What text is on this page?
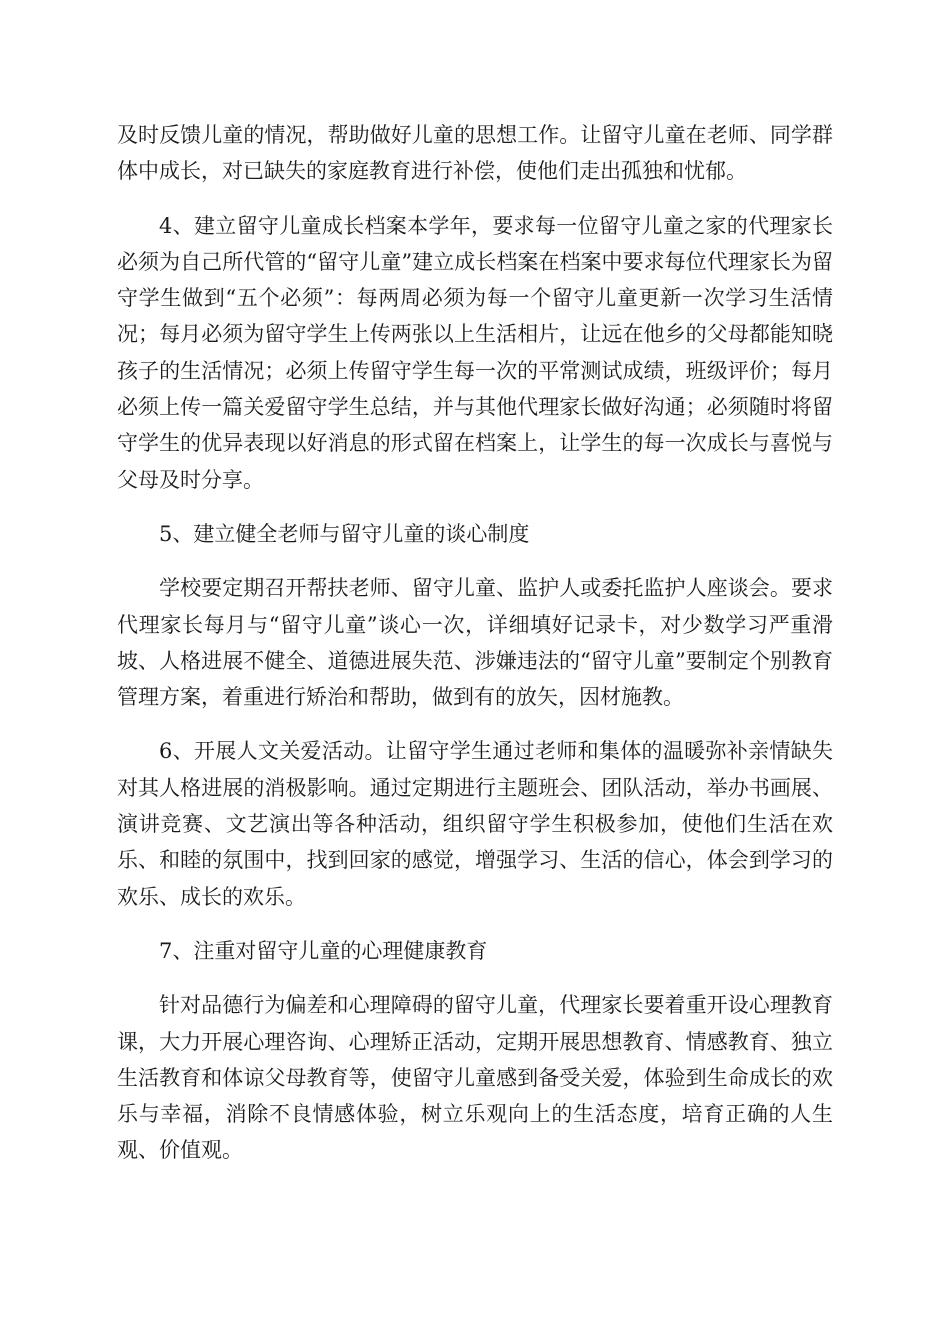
及时反馈儿童的情况，帮助做好儿童的思想工作。让留守儿童在老师、同学群体中成长，对已缺失的家庭教育进行补偿，使他们走出孤独和忧郁。

4、建立留守儿童成长档案本学年，要求每一位留守儿童之家的代理家长必须为自己所代管的“留守儿童”建立成长档案在档案中要求每位代理家长为留守学生做到“五个必须”：每两周必须为每一个留守儿童更新一次学习生活情况；每月必须为留守学生上传两张以上生活相片，让远在他乡的父母都能知晓孩子的生活情况；必须上传留守学生每一次的平常测试成绩，班级评价；每月必须上传一篇关爱留守学生总结，并与其他代理家长做好沟通；必须随时将留守学生的优异表现以好消息的形式留在档案上，让学生的每一次成长与喜悦与父母及时分享。

5、建立健全老师与留守儿童的谈心制度

学校要定期召开帮扶老师、留守儿童、监护人或委托监护人座谈会。要求代理家长每月与“留守儿童”谈心一次，详细填好记录卡，对少数学习严重滑坡、人格进展不健全、道德进展失范、涉嫌违法的“留守儿童”要制定个别教育管理方案，着重进行矫治和帮助，做到有的放矢，因材施教。

6、开展人文关爱活动。让留守学生通过老师和集体的温暖弥补亲情缺失对其人格进展的消极影响。通过定期进行主题班会、团队活动，举办书画展、演讲竞赛、文艺演出等各种活动，组织留守学生积极参加，使他们生活在欢乐、和睦的氛围中，找到回家的感觉，增强学习、生活的信心，体会到学习的欢乐、成长的欢乐。

7、注重对留守儿童的心理健康教育

针对品德行为偏差和心理障碍的留守儿童，代理家长要着重开设心理教育课，大力开展心理咨询、心理矫正活动，定期开展思想教育、情感教育、独立生活教育和体谅父母教育等，使留守儿童感到备受关爱，体验到生命成长的欢乐与幸福，消除不良情感体验，树立乐观向上的生活态度，培育正确的人生观、价值观。
